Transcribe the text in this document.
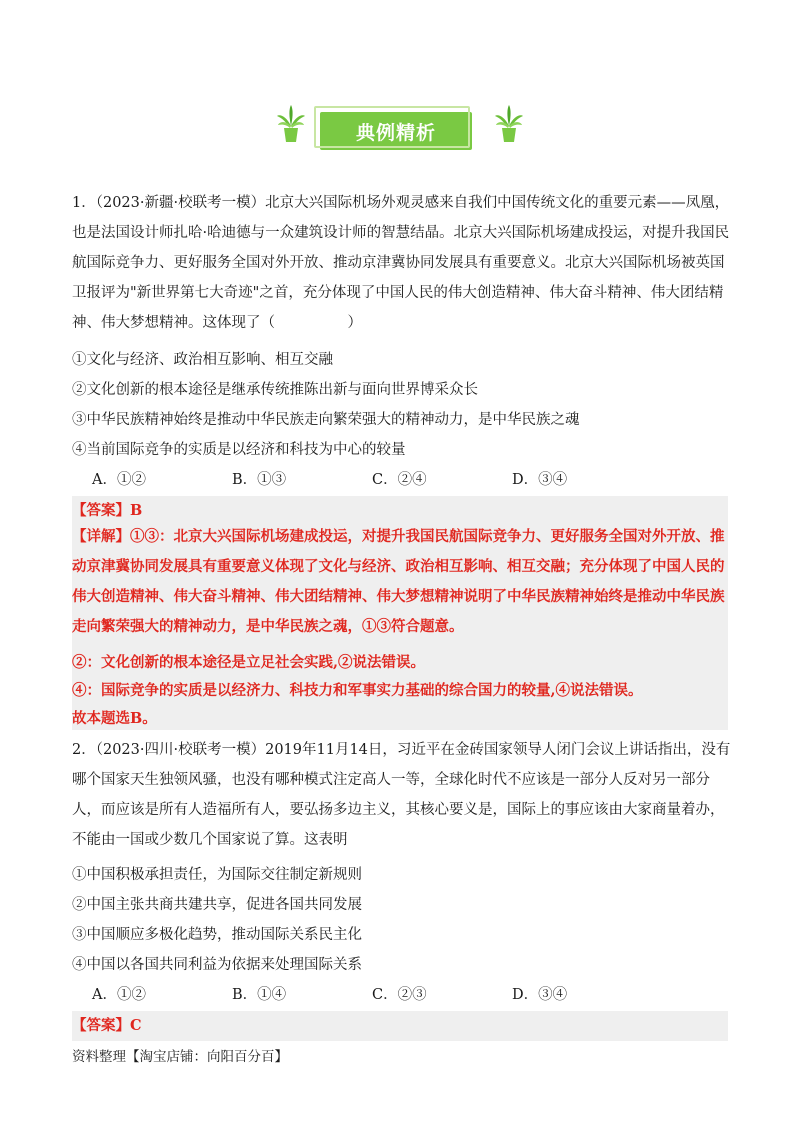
典例精析
1．（2023·新疆·校联考一模）北京大兴国际机场外观灵感来自我们中国传统文化的重要元素——凤凰，也是法国设计师扎哈·哈迪德与一众建筑设计师的智慧结晶。北京大兴国际机场建成投运，对提升我国民航国际竞争力、更好服务全国对外开放、推动京津冀协同发展具有重要意义。北京大兴国际机场被英国卫报评为"新世界第七大奇迹"之首，充分体现了中国人民的伟大创造精神、伟大奋斗精神、伟大团结精神、伟大梦想精神。这体现了（　　　　　）
①文化与经济、政治相互影响、相互交融
②文化创新的根本途径是继承传统推陈出新与面向世界博采众长
③中华民族精神始终是推动中华民族走向繁荣强大的精神动力，是中华民族之魂
④当前国际竞争的实质是以经济和科技为中心的较量
A．①②	B．①③	C．②④	D．③④
【答案】B
【详解】①③：北京大兴国际机场建成投运，对提升我国民航国际竞争力、更好服务全国对外开放、推动京津冀协同发展具有重要意义体现了文化与经济、政治相互影响、相互交融；充分体现了中国人民的伟大创造精神、伟大奋斗精神、伟大团结精神、伟大梦想精神说明了中华民族精神始终是推动中华民族走向繁荣强大的精神动力，是中华民族之魂，①③符合题意。
②：文化创新的根本途径是立足社会实践,②说法错误。
④：国际竞争的实质是以经济力、科技力和军事实力基础的综合国力的较量,④说法错误。
故本题选B。
2．（2023·四川·校联考一模）2019年11月14日，习近平在金砖国家领导人闭门会议上讲话指出，没有哪个国家天生独领风骚，也没有哪种模式注定高人一等，全球化时代不应该是一部分人反对另一部分人，而应该是所有人造福所有人，要弘扬多边主义，其核心要义是，国际上的事应该由大家商量着办，不能由一国或少数几个国家说了算。这表明
①中国积极承担责任，为国际交往制定新规则
②中国主张共商共建共享，促进各国共同发展
③中国顺应多极化趋势，推动国际关系民主化
④中国以各国共同利益为依据来处理国际关系
A．①②	B．①④	C．②③	D．③④
【答案】C
资料整理【淘宝店铺：向阳百分百】
